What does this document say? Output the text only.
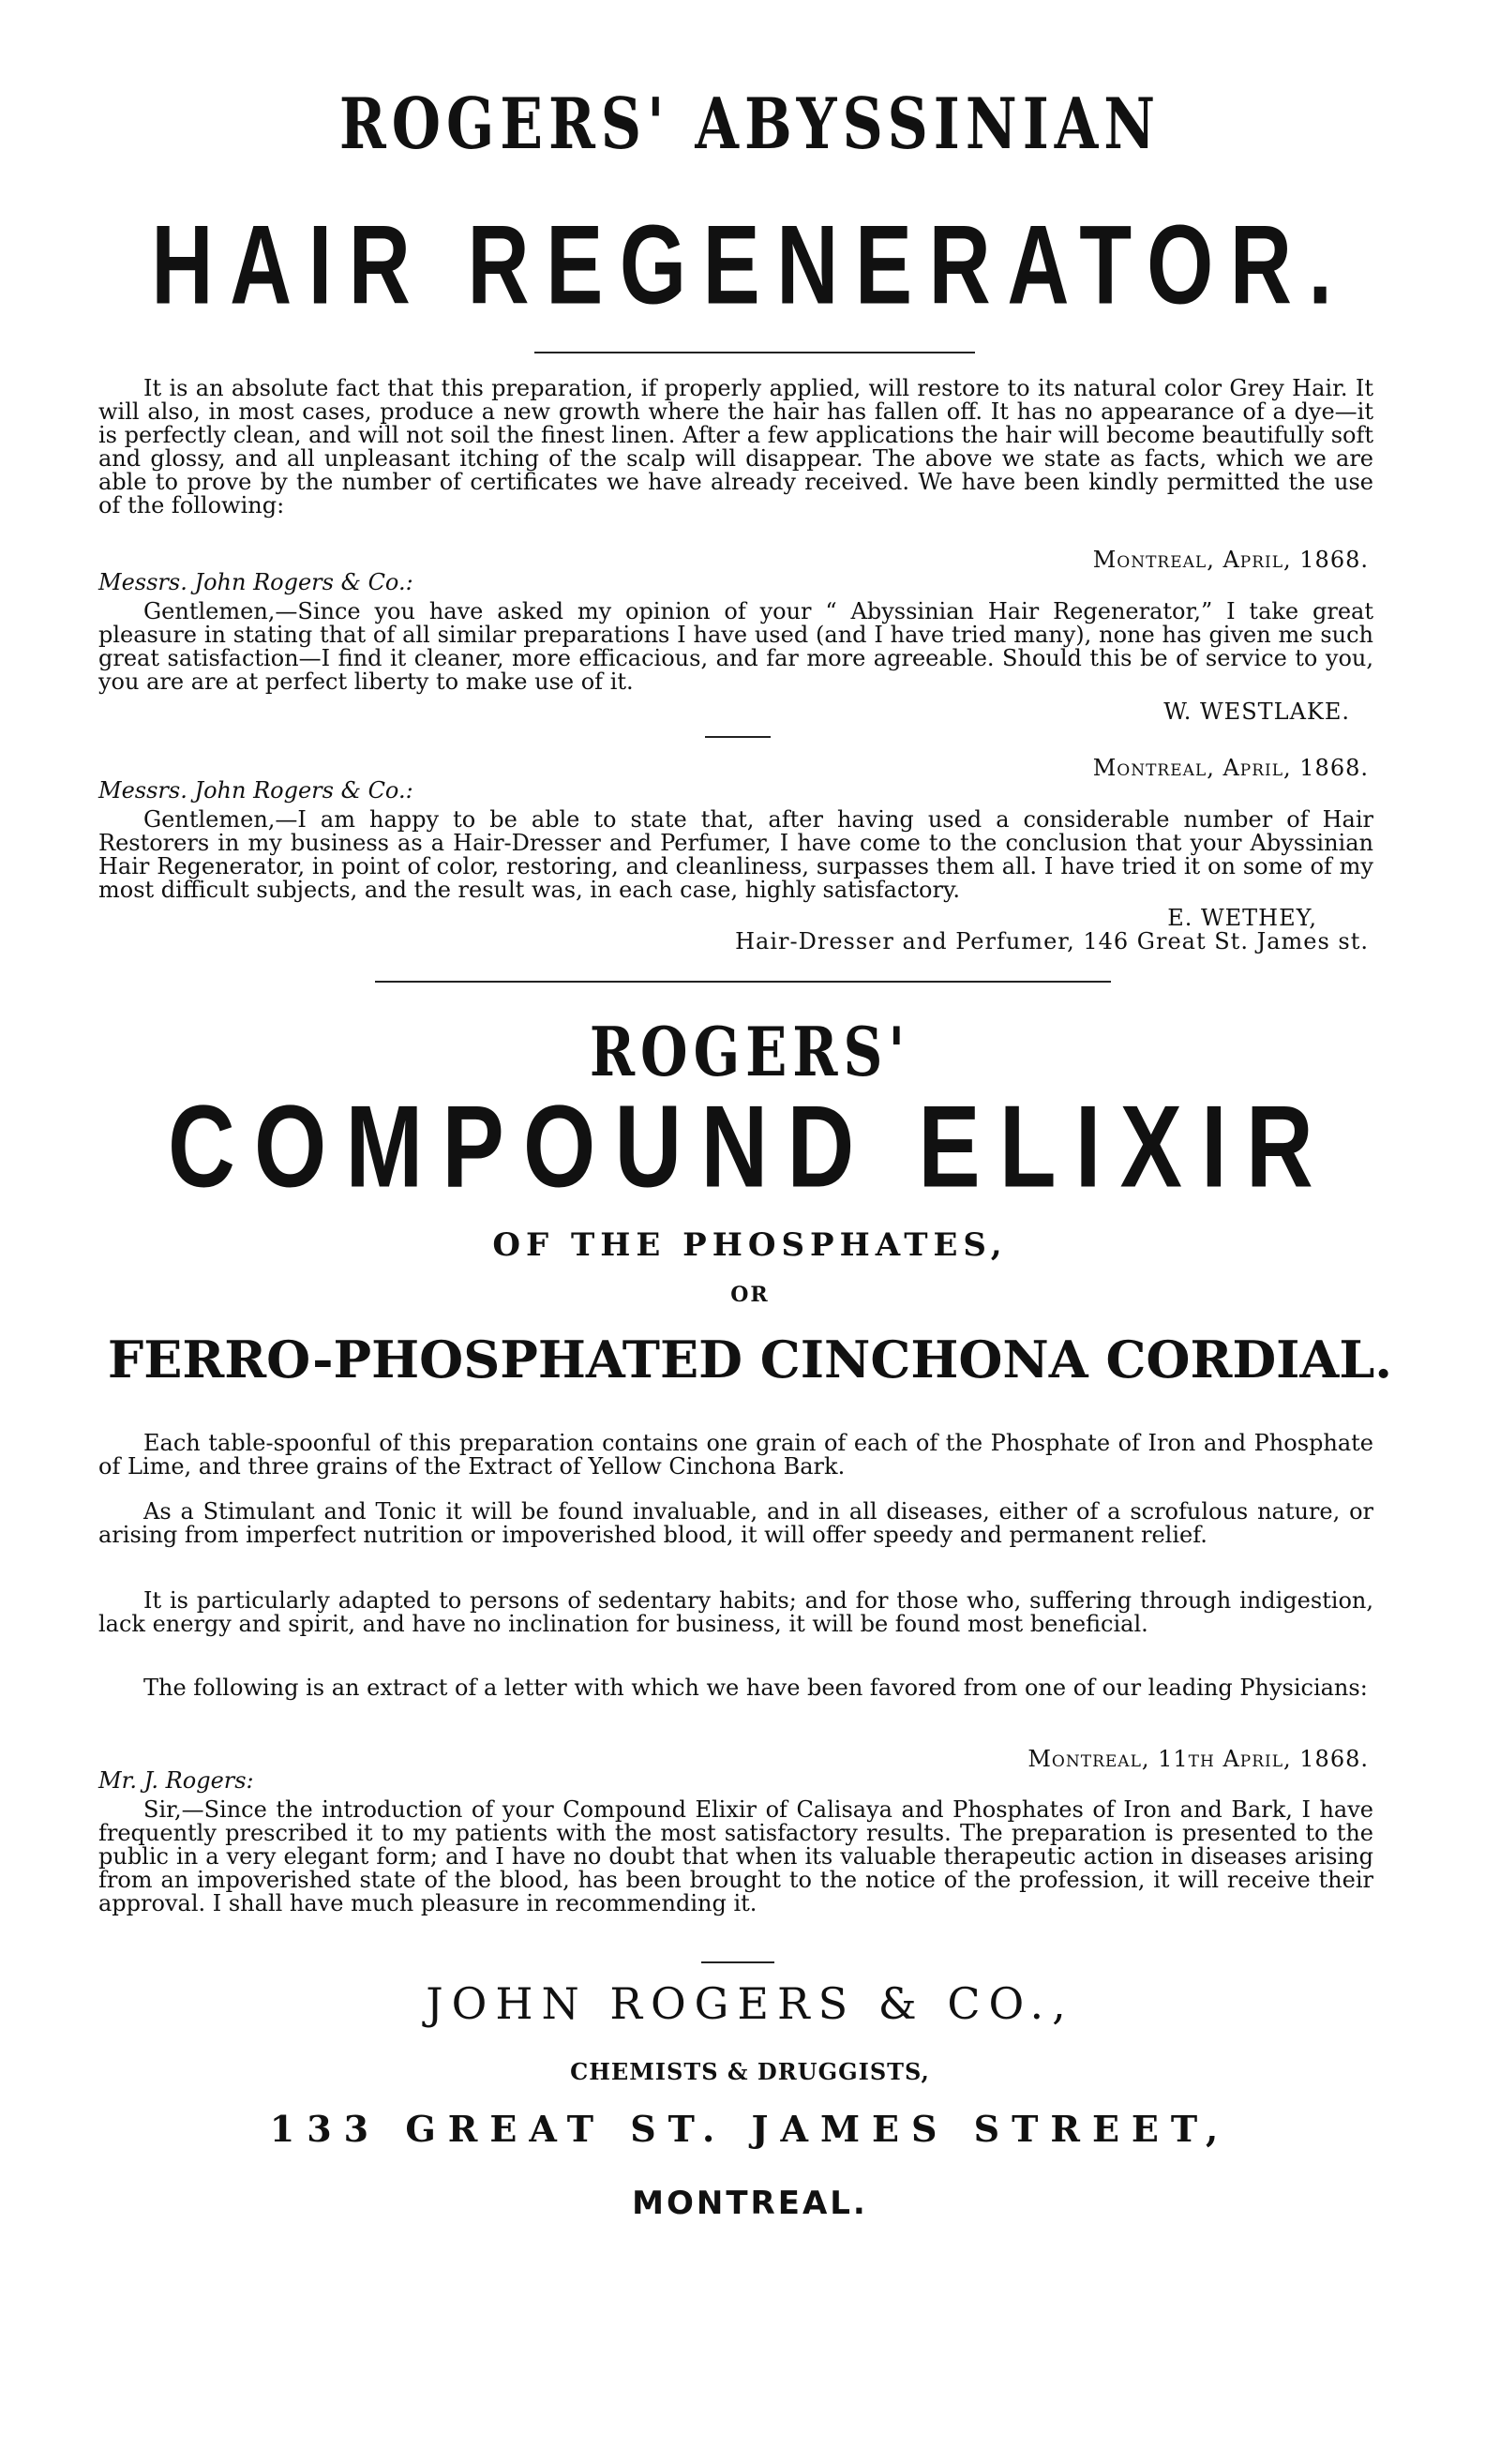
ROGERS' ABYSSINIAN
HAIR REGENERATOR.
It is an absolute fact that this preparation, if properly applied, will restore to its natural color Grey Hair. It will also, in most cases, produce a new growth where the hair has fallen off. It has no appearance of a dye—it is perfectly clean, and will not soil the finest linen. After a few applications the hair will become beautifully soft and glossy, and all unpleasant itching of the scalp will disappear. The above we state as facts, which we are able to prove by the number of certificates we have already received. We have been kindly permitted the use of the following:
Montreal, April, 1868.
Messrs. John Rogers & Co.:
Gentlemen,—Since you have asked my opinion of your “ Abyssinian Hair Regenerator,” I take great pleasure in stating that of all similar preparations I have used (and I have tried many), none has given me such great satisfaction—I find it cleaner, more efficacious, and far more agreeable. Should this be of service to you, you are are at perfect liberty to make use of it.
W. WESTLAKE.
Montreal, April, 1868.
Messrs. John Rogers & Co.:
Gentlemen,—I am happy to be able to state that, after having used a considerable number of Hair Restorers in my business as a Hair-Dresser and Perfumer, I have come to the conclusion that your Abyssinian Hair Regenerator, in point of color, restoring, and cleanliness, surpasses them all. I have tried it on some of my most difficult subjects, and the result was, in each case, highly satisfactory.
E. WETHEY,
Hair-Dresser and Perfumer, 146 Great St. James st.
ROGERS'
COMPOUND ELIXIR
OF THE PHOSPHATES,
OR
FERRO-PHOSPHATED CINCHONA CORDIAL.
Each table-spoonful of this preparation contains one grain of each of the Phosphate of Iron and Phosphate of Lime, and three grains of the Extract of Yellow Cinchona Bark.
As a Stimulant and Tonic it will be found invaluable, and in all diseases, either of a scrofulous nature, or arising from imperfect nutrition or impoverished blood, it will offer speedy and permanent relief.
It is particularly adapted to persons of sedentary habits; and for those who, suffering through indigestion, lack energy and spirit, and have no inclination for business, it will be found most beneficial.
The following is an extract of a letter with which we have been favored from one of our leading Physicians:
Montreal, 11th April, 1868.
Mr. J. Rogers:
Sir,—Since the introduction of your Compound Elixir of Calisaya and Phosphates of Iron and Bark, I have frequently prescribed it to my patients with the most satisfactory results. The preparation is presented to the public in a very elegant form; and I have no doubt that when its valuable therapeutic action in diseases arising from an impoverished state of the blood, has been brought to the notice of the profession, it will receive their approval. I shall have much pleasure in recommending it.
JOHN ROGERS & CO.,
CHEMISTS & DRUGGISTS,
133 GREAT ST. JAMES STREET,
MONTREAL.
